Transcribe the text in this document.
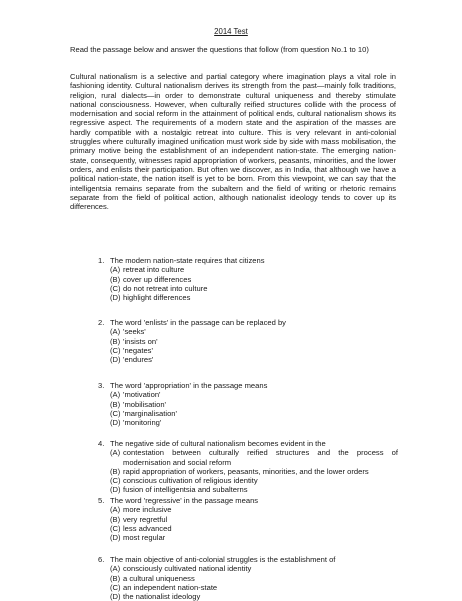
2014 Test
Read the passage below and answer the questions that follow (from question No.1 to 10)
Cultural nationalism is a selective and partial category where imagination plays a vital role in fashioning identity. Cultural nationalism derives its strength from the past—mainly folk traditions, religion, rural dialects—in order to demonstrate cultural uniqueness and thereby stimulate national consciousness. However, when culturally reified structures collide with the process of modernisation and social reform in the attainment of political ends, cultural nationalism shows its regressive aspect. The requirements of a modern state and the aspiration of the masses are hardly compatible with a nostalgic retreat into culture. This is very relevant in anti-colonial struggles where culturally imagined unification must work side by side with mass mobilisation, the primary motive being the establishment of an independent nation-state. The emerging nation-state, consequently, witnesses rapid appropriation of workers, peasants, minorities, and the lower orders, and enlists their participation. But often we discover, as in India, that although we have a political nation-state, the nation itself is yet to be born. From this viewpoint, we can say that the intelligentsia remains separate from the subaltern and the field of writing or rhetoric remains separate from the field of political action, although nationalist ideology tends to cover up its differences.
1. The modern nation-state requires that citizens
(A) retreat into culture
(B) cover up differences
(C) do not retreat into culture
(D) highlight differences
2. The word 'enlists' in the passage can be replaced by
(A) 'seeks'
(B) 'insists on'
(C) 'negates'
(D) 'endures'
3. The word 'appropriation' in the passage means
(A) 'motivation'
(B) 'mobilisation'
(C) 'marginalisation'
(D) 'monitoring'
4. The negative side of cultural nationalism becomes evident in the
(A) contestation between culturally reified structures and the process of modernisation and social reform
(B) rapid appropriation of workers, peasants, minorities, and the lower orders
(C) conscious cultivation of religious identity
(D) fusion of intelligentsia and subalterns
5. The word 'regressive' in the passage means
(A) more inclusive
(B) very regretful
(C) less advanced
(D) most regular
6. The main objective of anti-colonial struggles is the establishment of
(A) consciously cultivated national identity
(B) a cultural uniqueness
(C) an independent nation-state
(D) the nationalist ideology
